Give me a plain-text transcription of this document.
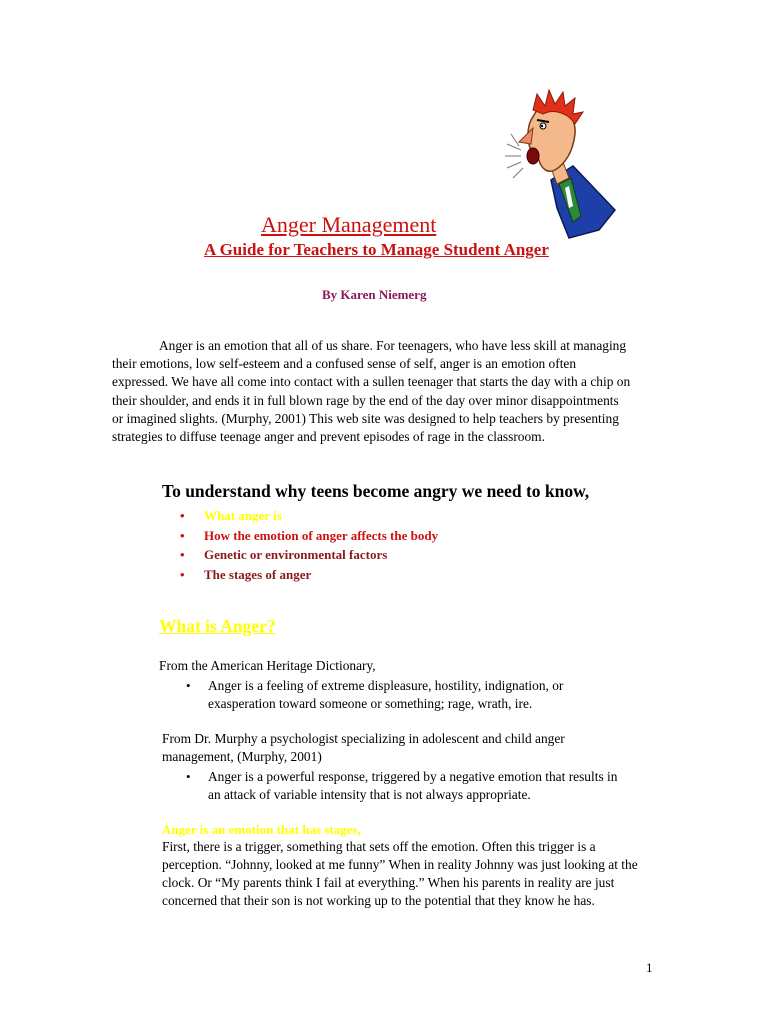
Anger Management
A Guide for Teachers to Manage Student Anger
By Karen Niemerg

Anger is an emotion that all of us share. For teenagers, who have less skill at managing their emotions, low self-esteem and a confused sense of self, anger is an emotion often expressed. We have all come into contact with a sullen teenager that starts the day with a chip on their shoulder, and ends it in full blown rage by the end of the day over minor disappointments or imagined slights. (Murphy, 2001) This web site was designed to help teachers by presenting strategies to diffuse teenage anger and prevent episodes of rage in the classroom.

To understand why teens become angry we need to know,
• What anger is
• How the emotion of anger affects the body
• Genetic or environmental factors
• The stages of anger
What is Anger?

From the American Heritage Dictionary,

•	Anger is a feeling of extreme displeasure, hostility, indignation, or exasperation toward someone or something; rage, wrath, ire.

From Dr. Murphy a psychologist specializing in adolescent and child anger management, (Murphy, 2001)

•	Anger is a powerful response, triggered by a negative emotion that results in an attack of variable intensity that is not always appropriate.
Anger is an emotion that has stages,

First, there is a trigger, something that sets off the emotion. Often this trigger is a perception. “Johnny, looked at me funny” When in reality Johnny was just looking at the clock. Or “My parents think I fail at everything.” When his parents in reality are just concerned that their son is not working up to the potential that they know he has.

1
